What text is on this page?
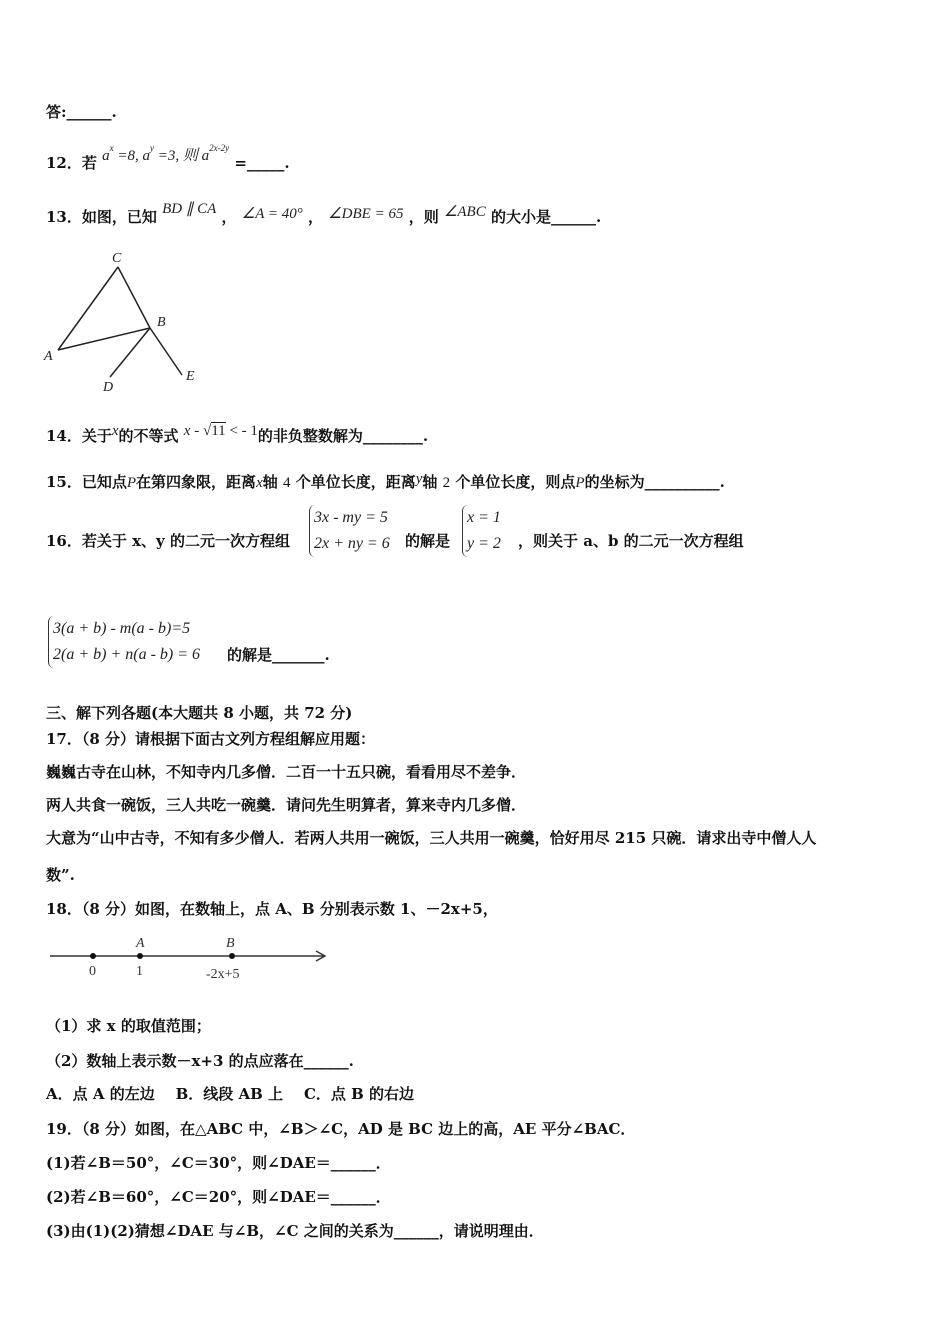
答:______.
12．若 $a^x =8$, $a^y =3$, 则 $a^{2x-2y}$ =_____.
13．如图，已知 BD ∥ CA ， ∠A = 40° ， ∠DBE = 65 ，则 ∠ABC 的大小是______.
C
B
A
D
E
14．关于x的不等式 x - √11 < - 1的非负整数解为________.
15．已知点P在第四象限，距离x轴 4 个单位长度，距离y轴 2 个单位长度，则点P的坐标为__________.
16．若关于 x、y 的二元一次方程组
3x - my = 5
2x + ny = 6 的解是
x = 1
y = 2 ，则关于 a、b 的二元一次方程组
3(a + b) - m(a - b)=5
2(a + b) + n(a - b) = 6 的解是_______.
三、解下列各题(本大题共 8 小题，共 72 分)
17．（8 分）请根据下面古文列方程组解应用题：
巍巍古寺在山林，不知寺内几多僧．二百一十五只碗，看看用尽不差争．
两人共食一碗饭，三人共吃一碗羹．请问先生明算者，算来寺内几多僧．
大意为“山中古寺，不知有多少僧人．若两人共用一碗饭，三人共用一碗羹，恰好用尽 215 只碗．请求出寺中僧人人
数”.
18．（8 分）如图，在数轴上，点 A、B 分别表示数 1、－2x+5，
A	B
0	1	-2x+5
（1）求 x 的取值范围；
（2）数轴上表示数－x+3 的点应落在______.
A．点 A 的左边    B．线段 AB 上    C．点 B 的右边
19．（8 分）如图，在△ABC 中，∠B＞∠C，AD 是 BC 边上的高，AE 平分∠BAC．
(1)若∠B＝50°，∠C＝30°，则∠DAE＝______．
(2)若∠B＝60°，∠C＝20°，则∠DAE＝______．
(3)由(1)(2)猜想∠DAE 与∠B，∠C 之间的关系为______，请说明理由．
